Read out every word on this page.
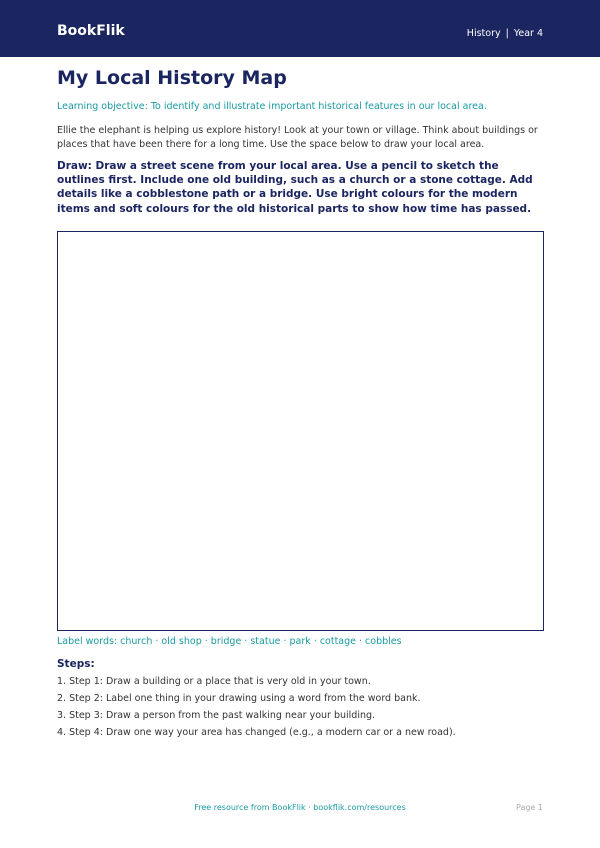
BookFlik	History | Year 4
My Local History Map

Learning objective: To identify and illustrate important historical features in our local area.

Ellie the elephant is helping us explore history! Look at your town or village. Think about buildings or places that have been there for a long time. Use the space below to draw your local area.

Draw: Draw a street scene from your local area. Use a pencil to sketch the outlines first. Include one old building, such as a church or a stone cottage. Add details like a cobblestone path or a bridge. Use bright colours for the modern items and soft colours for the old historical parts to show how time has passed.

Label words: church · old shop · bridge · statue · park · cottage · cobbles

Steps:
1. Step 1: Draw a building or a place that is very old in your town.
2. Step 2: Label one thing in your drawing using a word from the word bank.
3. Step 3: Draw a person from the past walking near your building.
4. Step 4: Draw one way your area has changed (e.g., a modern car or a new road).
Free resource from BookFlik · bookflik.com/resources	Page 1
